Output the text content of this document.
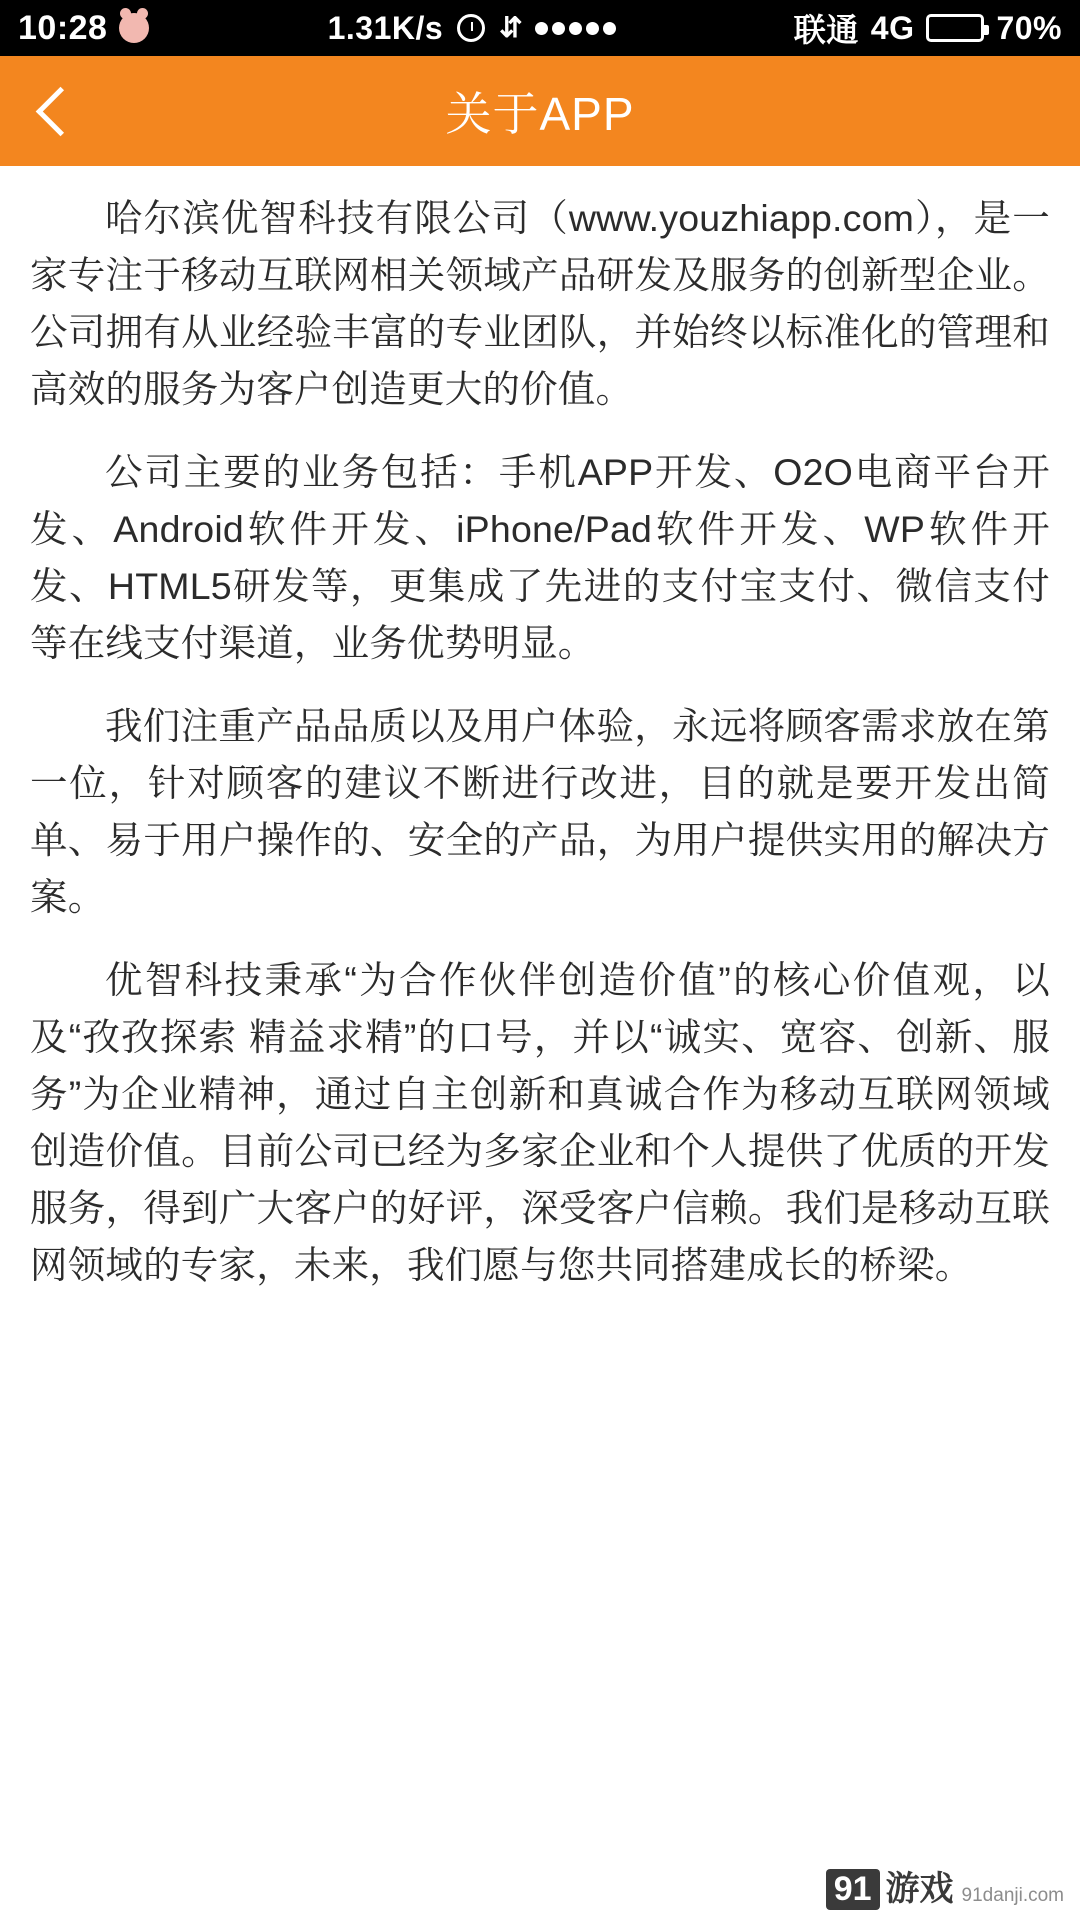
10:28	1.31K/s ⇵	联通 4G	70%
关于APP

哈尔滨优智科技有限公司（www.youzhiapp.com），是一家专注于移动互联网相关领域产品研发及服务的创新型企业。公司拥有从业经验丰富的专业团队，并始终以标准化的管理和高效的服务为客户创造更大的价值。

公司主要的业务包括：手机APP开发、O2O电商平台开发、Android软件开发、iPhone/Pad软件开发、WP软件开发、HTML5研发等，更集成了先进的支付宝支付、微信支付等在线支付渠道，业务优势明显。

我们注重产品品质以及用户体验，永远将顾客需求放在第一位，针对顾客的建议不断进行改进，目的就是要开发出简单、易于用户操作的、安全的产品，为用户提供实用的解决方案。

优智科技秉承“为合作伙伴创造价值”的核心价值观，以及“孜孜探索 精益求精”的口号，并以“诚实、宽容、创新、服务”为企业精神，通过自主创新和真诚合作为移动互联网领域创造价值。目前公司已经为多家企业和个人提供了优质的开发服务，得到广大客户的好评，深受客户信赖。我们是移动互联网领域的专家，未来，我们愿与您共同搭建成长的桥梁。

91 游戏 91danji.com
